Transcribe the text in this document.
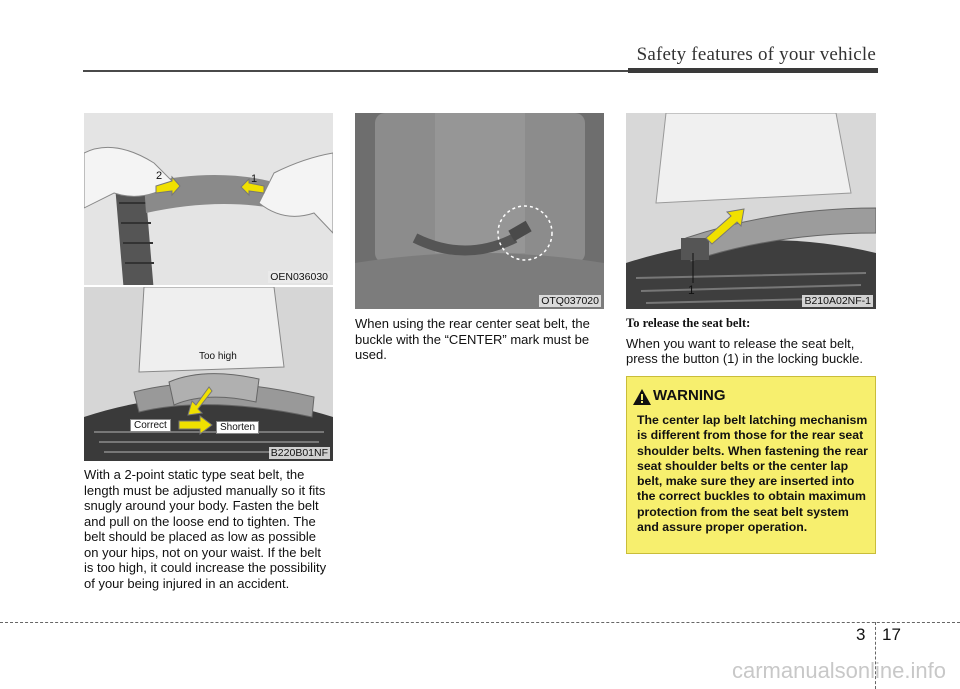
Safety features of your vehicle
2	1
OEN036030
Too high
Correct	Shorten
B220B01NF
OTQ037020
1
B210A02NF-1

With a 2-point static type seat belt, the length must be adjusted manually so it fits snugly around your body. Fasten the belt and pull on the loose end to tighten. The belt should be placed as low as possible on your hips, not on your waist. If the belt is too high, it could increase the possibility of your being injured in an accident.

When using the rear center seat belt, the buckle with the “CENTER” mark must be used.

To release the seat belt:

When you want to release the seat belt, press the button (1) in the locking buckle.

WARNING
The center lap belt latching mechanism is different from those for the rear seat shoulder belts. When fastening the rear seat shoulder belts or the center lap belt, make sure they are inserted into the correct buckles to obtain maximum protection from the seat belt system and assure proper operation.
3 17
carmanualsonline.info
